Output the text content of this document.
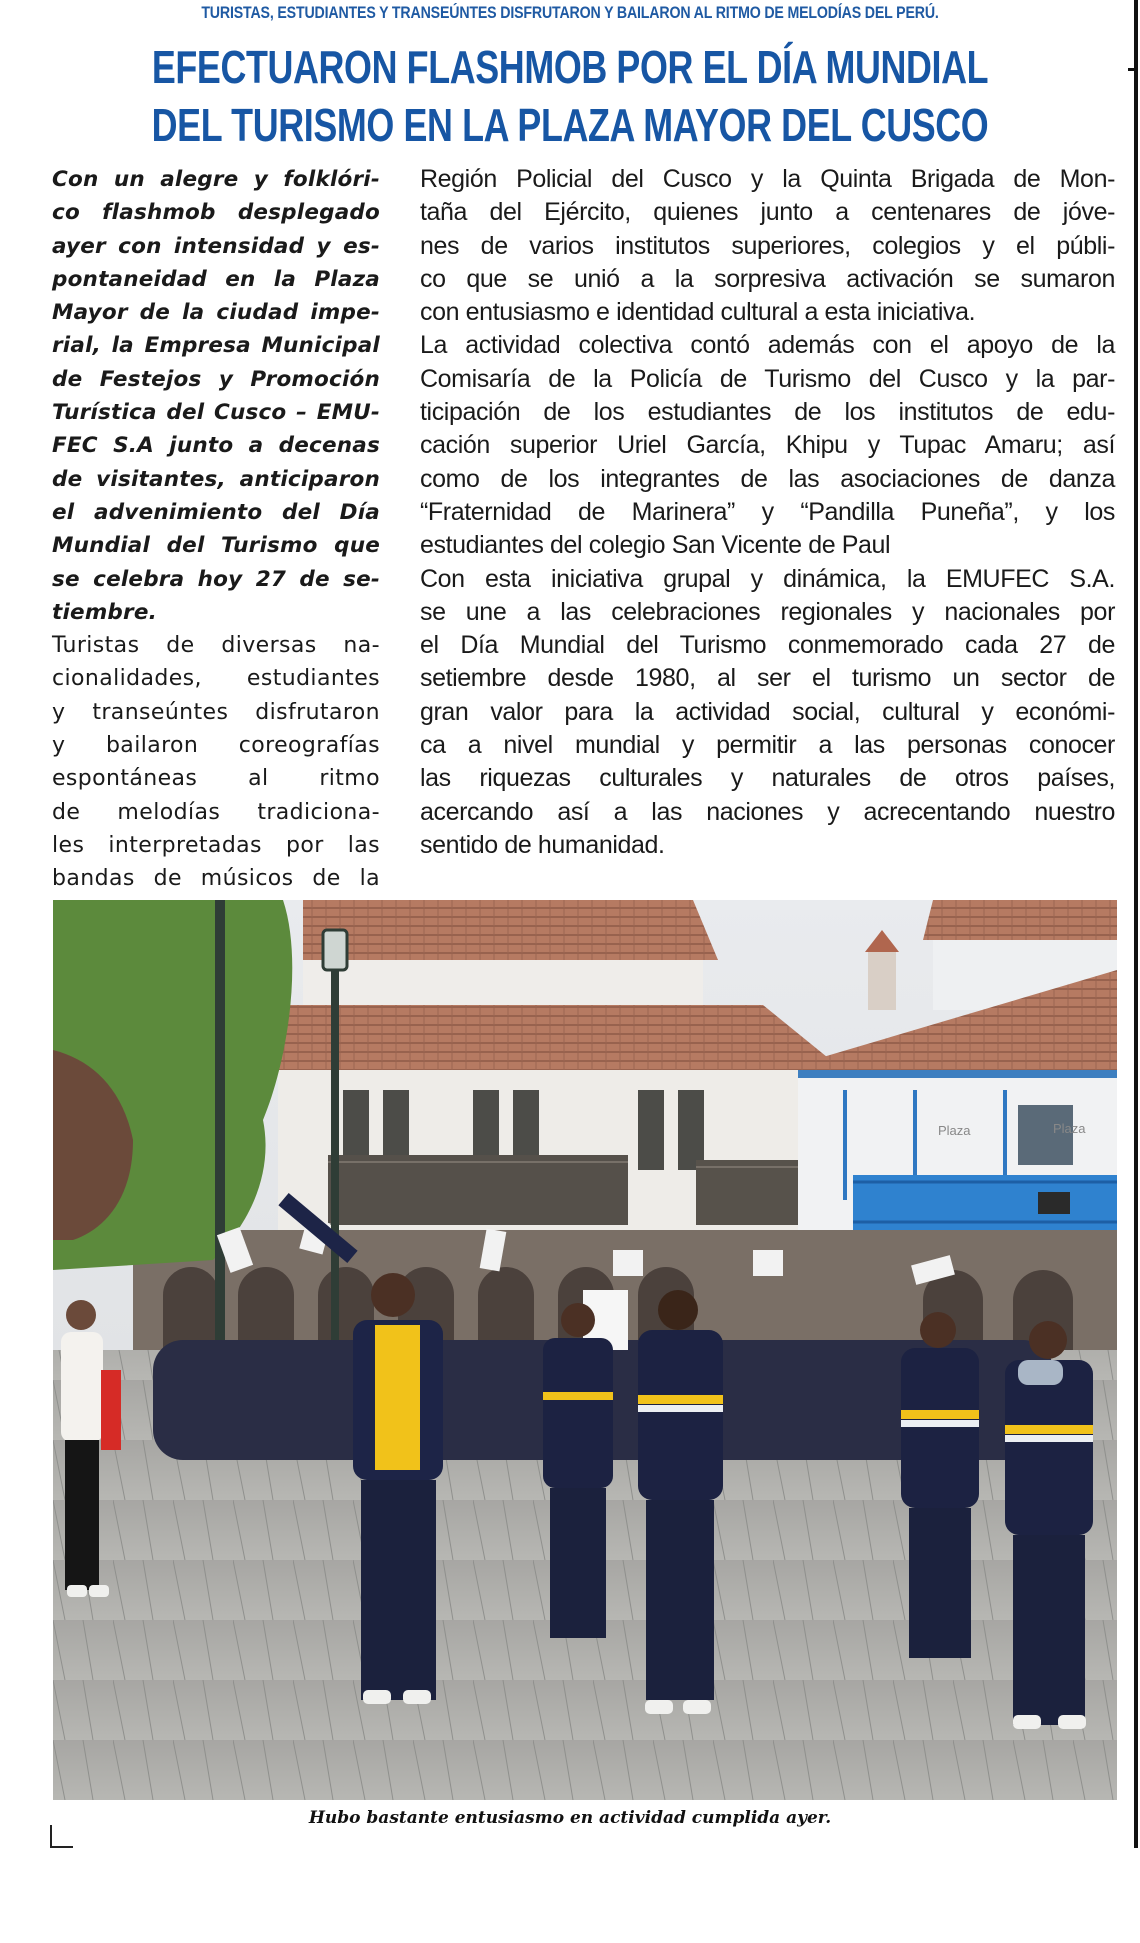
TURISTAS, ESTUDIANTES Y TRANSEÚNTES DISFRUTARON Y BAILARON AL RITMO DE MELODÍAS DEL PERÚ.
EFECTUARON FLASHMOB POR EL DÍA MUNDIAL
DEL TURISMO EN LA PLAZA MAYOR DEL CUSCO
Con un alegre y folklóri-
co flashmob desplegado
ayer con intensidad y es-
pontaneidad en la Plaza
Mayor de la ciudad impe-
rial, la Empresa Municipal
de Festejos y Promoción
Turística del Cusco – EMU-
FEC S.A junto a decenas
de visitantes, anticiparon
el advenimiento del Día
Mundial del Turismo que
se celebra hoy 27 de se-
tiembre.
Turistas de diversas na-
cionalidades, estudiantes
y transeúntes disfrutaron
y bailaron coreografías
espontáneas al ritmo
de melodías tradiciona-
les interpretadas por las
bandas de músicos de la
Región Policial del Cusco y la Quinta Brigada de Mon-
taña del Ejército, quienes junto a centenares de jóve-
nes de varios institutos superiores, colegios y el públi-
co que se unió a la sorpresiva activación se sumaron
con entusiasmo e identidad cultural a esta iniciativa.
La actividad colectiva contó además con el apoyo de la
Comisaría de la Policía de Turismo del Cusco y la par-
ticipación de los estudiantes de los institutos de edu-
cación superior Uriel García, Khipu y Tupac Amaru; así
como de los integrantes de las asociaciones de danza
“Fraternidad de Marinera” y “Pandilla Puneña”, y los
estudiantes del colegio San Vicente de Paul
Con esta iniciativa grupal y dinámica, la EMUFEC S.A.
se une a las celebraciones regionales y nacionales por
el Día Mundial del Turismo conmemorado cada 27 de
setiembre desde 1980, al ser el turismo un sector de
gran valor para la actividad social, cultural y económi-
ca a nivel mundial y permitir a las personas conocer
las riquezas culturales y naturales de otros países,
acercando así a las naciones y acrecentando nuestro
sentido de humanidad.
Plaza	Plaza
Hubo bastante entusiasmo en actividad cumplida ayer.
